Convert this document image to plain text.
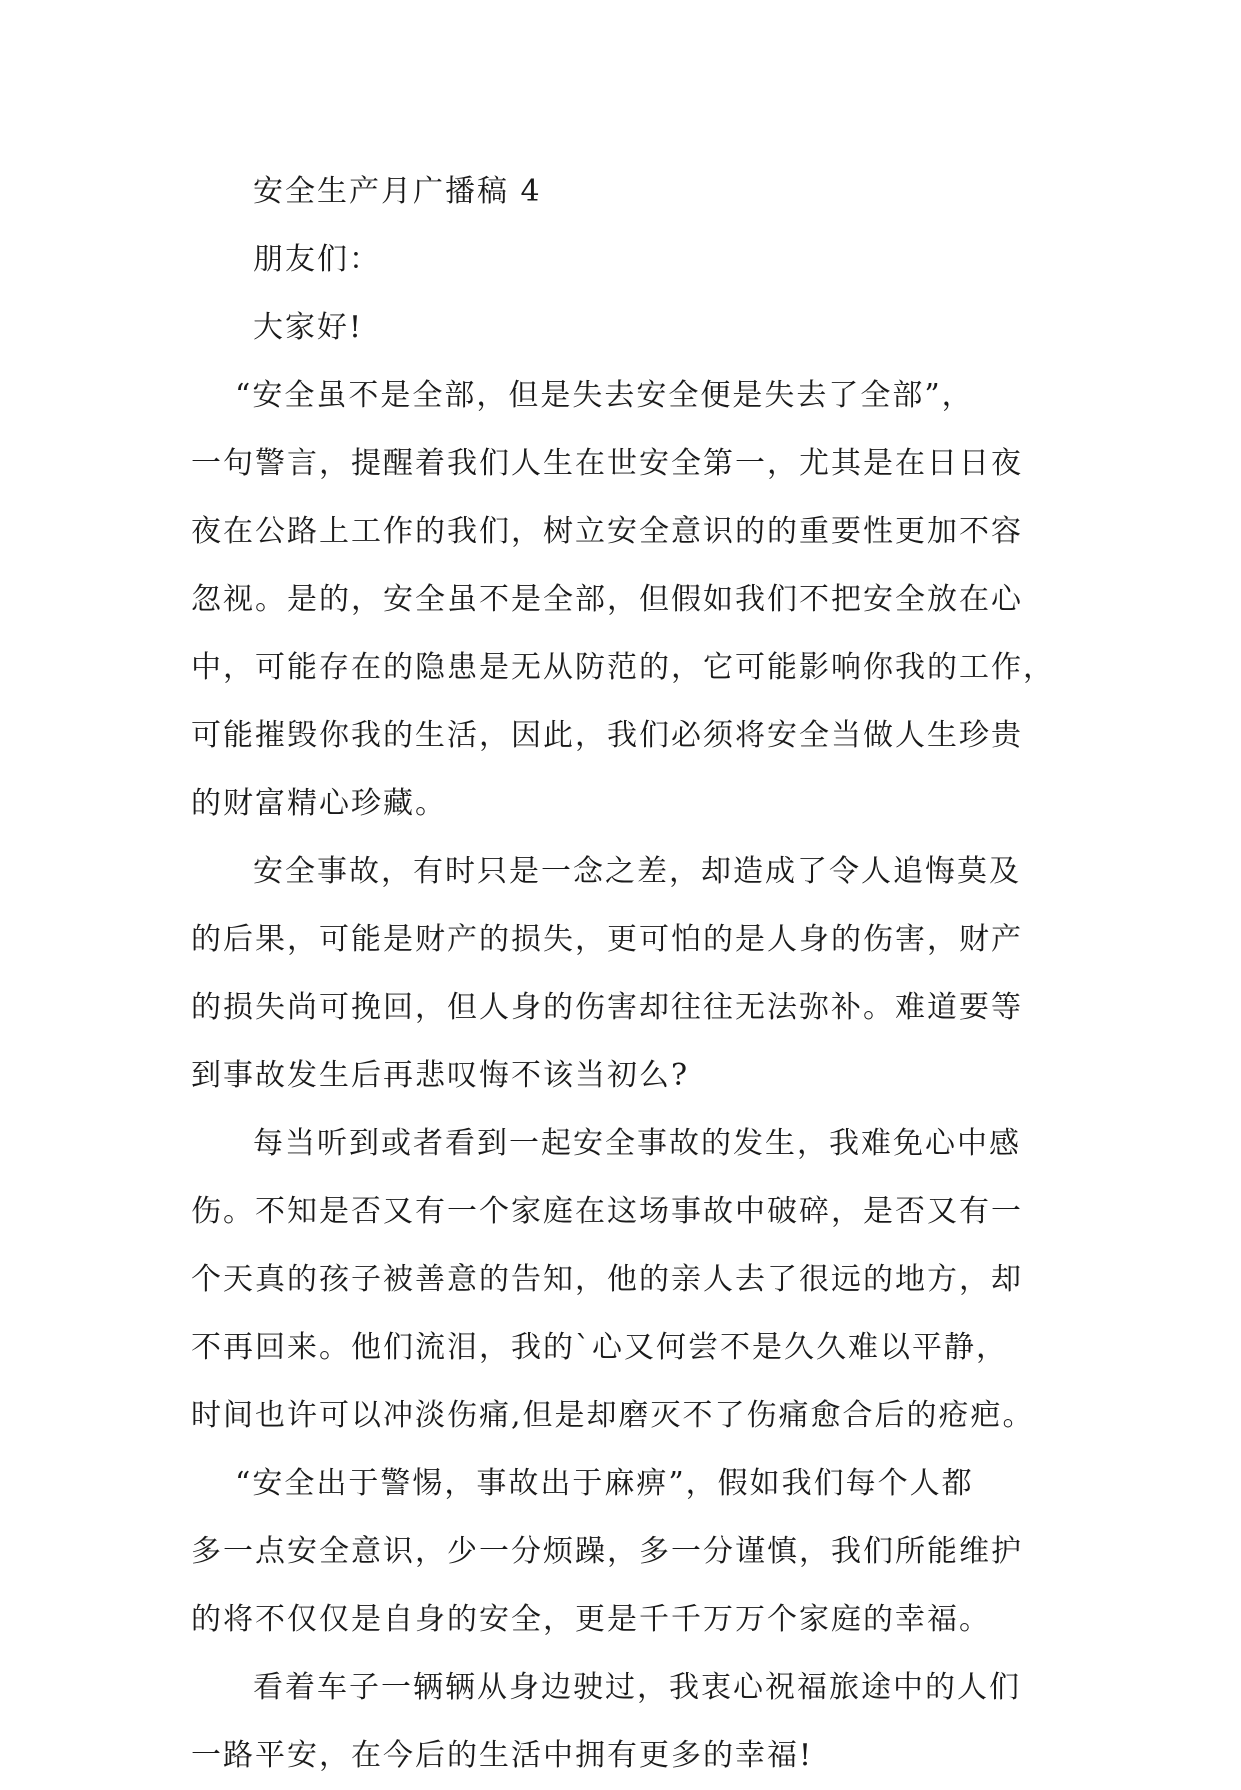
安全生产月广播稿 4
朋友们：
大家好!
“安全虽不是全部，但是失去安全便是失去了全部”，
一句警言，提醒着我们人生在世安全第一，尤其是在日日夜
夜在公路上工作的我们，树立安全意识的的重要性更加不容
忽视。是的，安全虽不是全部，但假如我们不把安全放在心
中，可能存在的隐患是无从防范的，它可能影响你我的工作，
可能摧毁你我的生活，因此，我们必须将安全当做人生珍贵
的财富精心珍藏。
安全事故，有时只是一念之差，却造成了令人追悔莫及
的后果，可能是财产的损失，更可怕的是人身的伤害，财产
的损失尚可挽回，但人身的伤害却往往无法弥补。难道要等
到事故发生后再悲叹悔不该当初么?
每当听到或者看到一起安全事故的发生，我难免心中感
伤。不知是否又有一个家庭在这场事故中破碎，是否又有一
个天真的孩子被善意的告知，他的亲人去了很远的地方，却
不再回来。他们流泪，我的`心又何尝不是久久难以平静，
时间也许可以冲淡伤痛,但是却磨灭不了伤痛愈合后的疮疤。
“安全出于警惕，事故出于麻痹”，假如我们每个人都
多一点安全意识，少一分烦躁，多一分谨慎，我们所能维护
的将不仅仅是自身的安全，更是千千万万个家庭的幸福。
看着车子一辆辆从身边驶过，我衷心祝福旅途中的人们
一路平安，在今后的生活中拥有更多的幸福!
